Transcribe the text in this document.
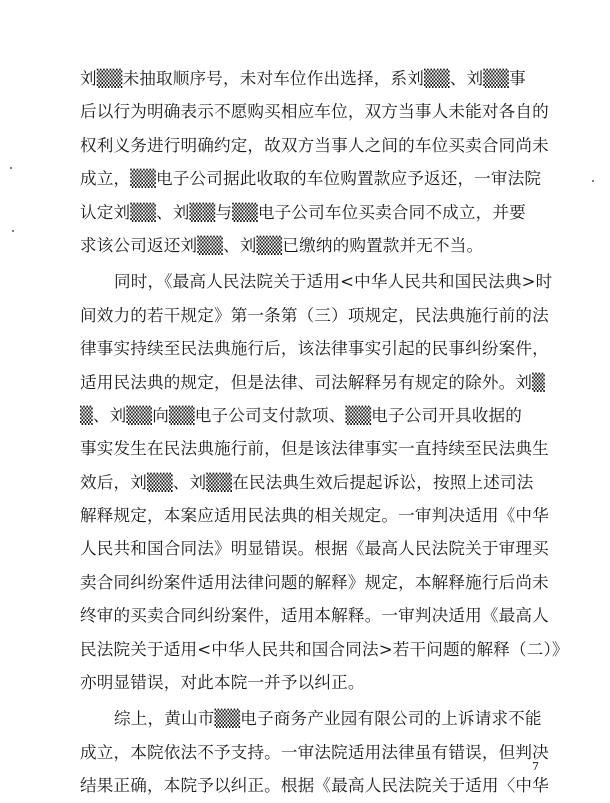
刘▒▒未抽取顺序号，未对车位作出选择，系刘▒▒、刘▒▒事
后以行为明确表示不愿购买相应车位，双方当事人未能对各自的
权利义务进行明确约定，故双方当事人之间的车位买卖合同尚未
成立，▒▒电子公司据此收取的车位购置款应予返还，一审法院
认定刘▒▒、刘▒▒与▒▒电子公司车位买卖合同不成立，并要
求该公司返还刘▒▒、刘▒▒已缴纳的购置款并无不当。
同时，《最高人民法院关于适用<中华人民共和国民法典>时
间效力的若干规定》第一条第（三）项规定，民法典施行前的法
律事实持续至民法典施行后，该法律事实引起的民事纠纷案件，
适用民法典的规定，但是法律、司法解释另有规定的除外。刘▒
▒、刘▒▒向▒▒电子公司支付款项、▒▒电子公司开具收据的
事实发生在民法典施行前，但是该法律事实一直持续至民法典生
效后，刘▒▒、刘▒▒在民法典生效后提起诉讼，按照上述司法
解释规定，本案应适用民法典的相关规定。一审判决适用《中华
人民共和国合同法》明显错误。根据《最高人民法院关于审理买
卖合同纠纷案件适用法律问题的解释》规定，本解释施行后尚未
终审的买卖合同纠纷案件，适用本解释。一审判决适用《最高人
民法院关于适用<中华人民共和国合同法>若干问题的解释（二）》
亦明显错误，对此本院一并予以纠正。
综上，黄山市▒▒电子商务产业园有限公司的上诉请求不能
成立，本院依法不予支持。一审法院适用法律虽有错误，但判决
结果正确，本院予以纠正。根据《最高人民法院关于适用〈中华
7
